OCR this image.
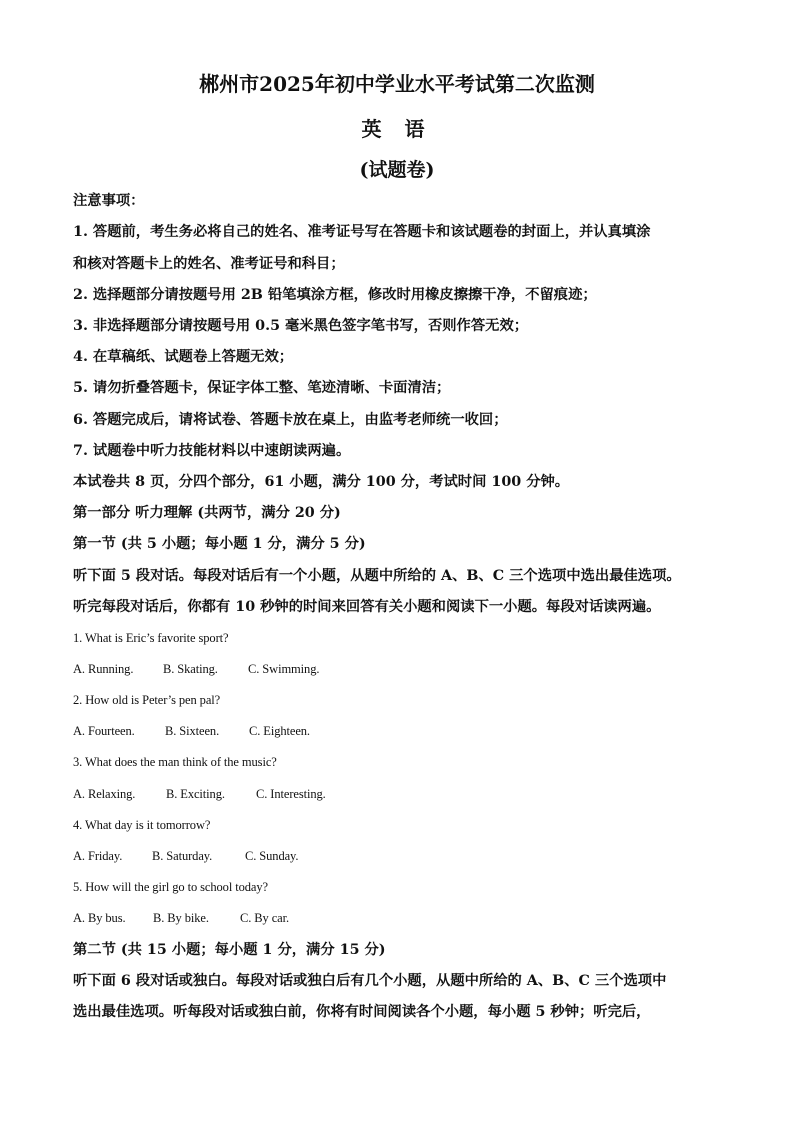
郴州市2025年初中学业水平考试第二次监测
英 语
(试题卷)
注意事项：
1. 答题前，考生务必将自己的姓名、准考证号写在答题卡和该试题卷的封面上，并认真填涂
和核对答题卡上的姓名、准考证号和科目；
2. 选择题部分请按题号用 2B 铅笔填涂方框，修改时用橡皮擦擦干净，不留痕迹；
3. 非选择题部分请按题号用 0.5 毫米黑色签字笔书写，否则作答无效；
4. 在草稿纸、试题卷上答题无效；
5. 请勿折叠答题卡，保证字体工整、笔迹清晰、卡面清洁；
6. 答题完成后，请将试卷、答题卡放在桌上，由监考老师统一收回；
7. 试题卷中听力技能材料以中速朗读两遍。
本试卷共 8 页，分四个部分，61 小题，满分 100 分，考试时间 100 分钟。
第一部分 听力理解 (共两节，满分 20 分)
第一节 (共 5 小题；每小题 1 分，满分 5 分)
听下面 5 段对话。每段对话后有一个小题，从题中所给的 A、B、C 三个选项中选出最佳选项。
听完每段对话后，你都有 10 秒钟的时间来回答有关小题和阅读下一小题。每段对话读两遍。
1. What is Eric’s favorite sport?
A. Running. B. Skating. C. Swimming.
2. How old is Peter’s pen pal?
A. Fourteen. B. Sixteen. C. Eighteen.
3. What does the man think of the music?
A. Relaxing. B. Exciting. C. Interesting.
4. What day is it tomorrow?
A. Friday. B. Saturday.	C. Sunday.
5. How will the girl go to school today?
A. By bus. B. By bike. C. By car.
第二节 (共 15 小题；每小题 1 分，满分 15 分)
听下面 6 段对话或独白。每段对话或独白后有几个小题，从题中所给的 A、B、C 三个选项中
选出最佳选项。听每段对话或独白前，你将有时间阅读各个小题，每小题 5 秒钟；听完后，
